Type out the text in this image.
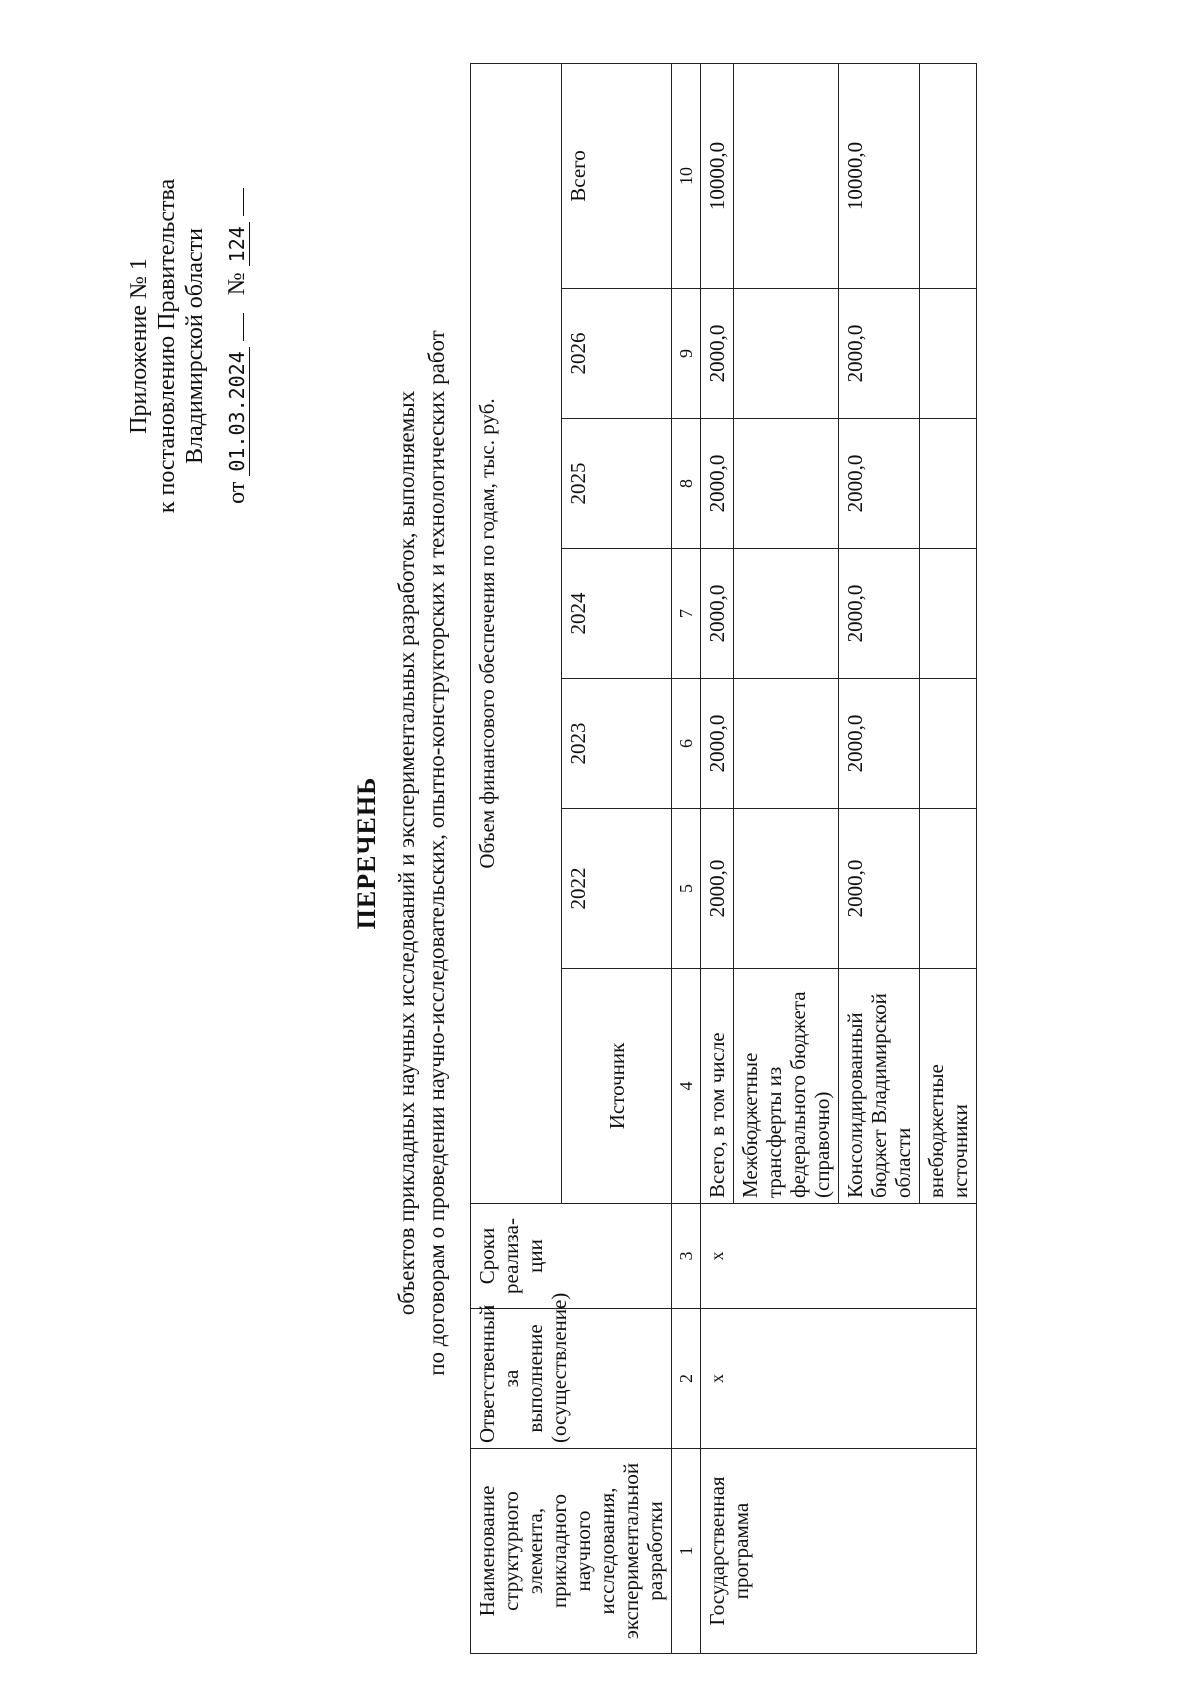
Приложение № 1 к постановлению Правительства Владимирской области
от 01.03.2024    № 124
ПЕРЕЧЕНЬ объектов прикладных научных исследований и экспериментальных разработок, выполняемых по договорам о проведении научно-исследовательских, опытно-конструкторских и технологических работ
Наименование структурного элемента, прикладного научного исследования, экспериментальной разработки	Ответственный за выполнение (осуществление)	Сроки реализа-ции	Объем финансового обеспечения по годам, тыс. руб.						
			Источник	2022	2023	2024	2025	2026	Всего
1	2	3	4	5	6	7	8	9	10
Государственная программа	x	x	Всего, в том числе	2000,0	2000,0	2000,0	2000,0	2000,0	10000,0
			Межбюджетные трансферты из федерального бюджета (справочно)						
			Консолидированный бюджет Владимирской области	2000,0	2000,0	2000,0	2000,0	2000,0	10000,0
			внебюджетные источники						
